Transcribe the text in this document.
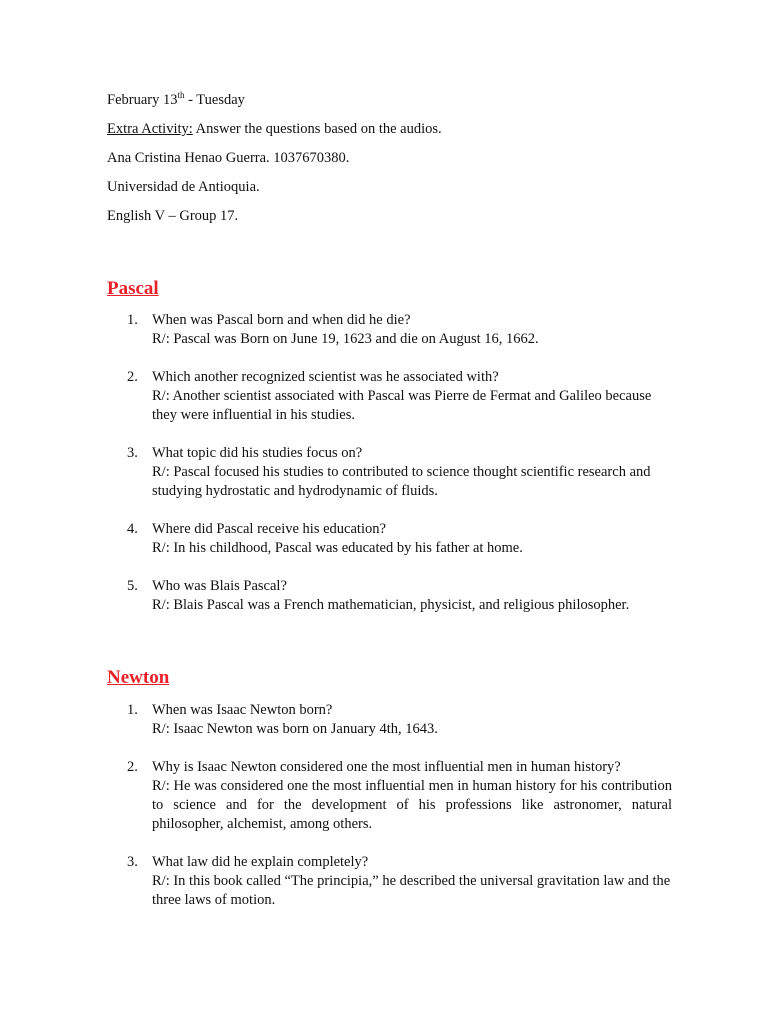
February 13th - Tuesday
Extra Activity: Answer the questions based on the audios.
Ana Cristina Henao Guerra. 1037670380.
Universidad de Antioquia.
English V – Group 17.
Pascal
1. When was Pascal born and when did he die?
R/: Pascal was Born on June 19, 1623 and die on August 16, 1662.
2. Which another recognized scientist was he associated with?
R/: Another scientist associated with Pascal was Pierre de Fermat and Galileo because they were influential in his studies.
3. What topic did his studies focus on?
R/: Pascal focused his studies to contributed to science thought scientific research and studying hydrostatic and hydrodynamic of fluids.
4. Where did Pascal receive his education?
R/: In his childhood, Pascal was educated by his father at home.
5. Who was Blais Pascal?
R/: Blais Pascal was a French mathematician, physicist, and religious philosopher.
Newton
1. When was Isaac Newton born?
R/: Isaac Newton was born on January 4th, 1643.
2. Why is Isaac Newton considered one the most influential men in human history?
R/: He was considered one the most influential men in human history for his contribution to science and for the development of his professions like astronomer, natural philosopher, alchemist, among others.
3. What law did he explain completely?
R/: In this book called “The principia,” he described the universal gravitation law and the three laws of motion.
